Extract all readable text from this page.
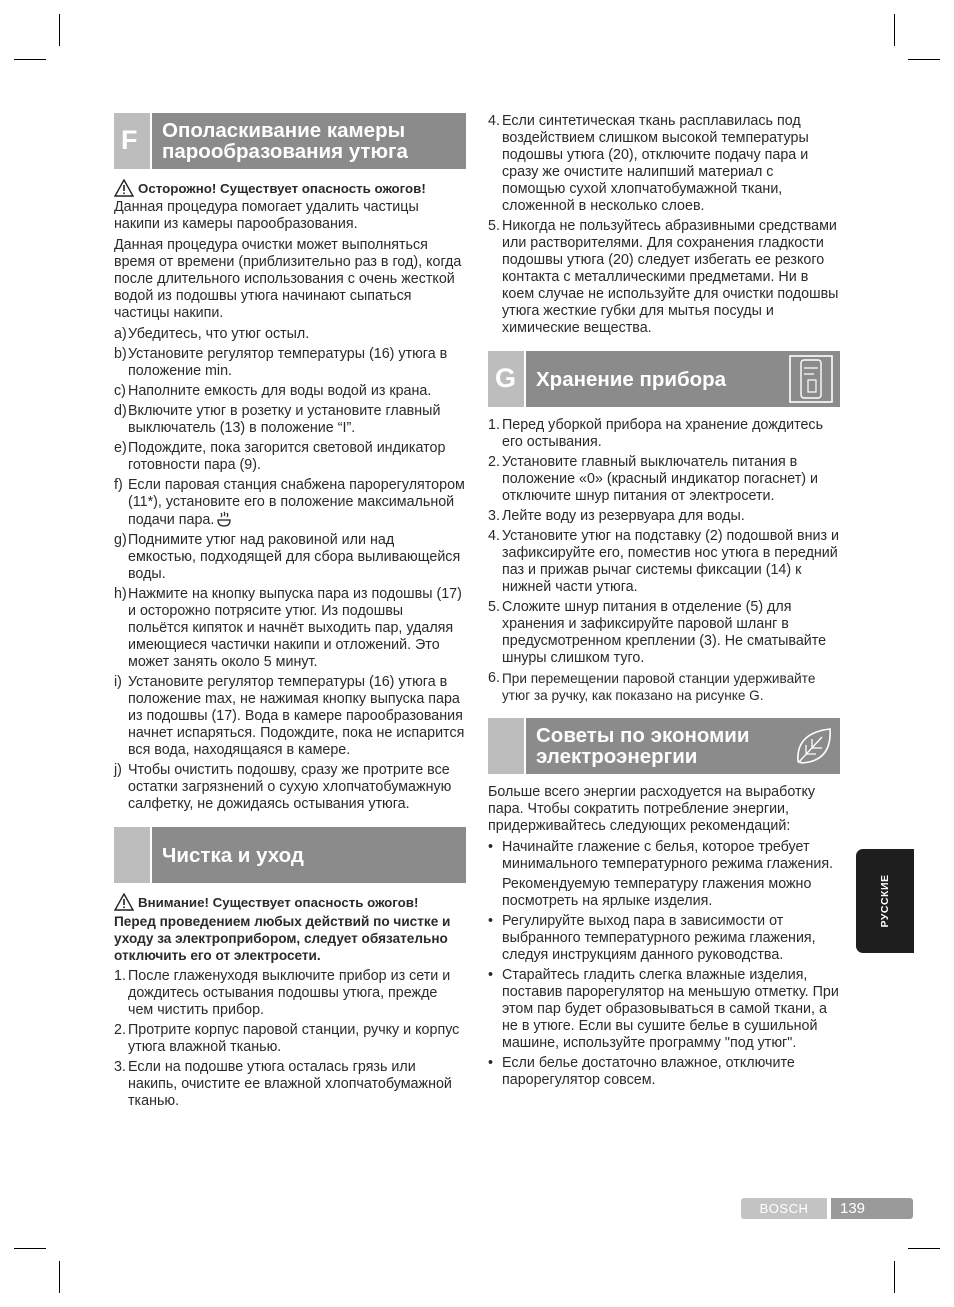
F Ополаскивание камеры парообразования утюга
Осторожно! Существует опасность ожогов!

Данная процедура помогает удалить частицы накипи из камеры парообразования.

Данная процедура очистки может выполняться время от времени (приблизительно раз в год), когда после длительного использования с очень жесткой водой из подошвы утюга начинают сыпаться частицы накипи.

a) Убедитесь, что утюг остыл.
b) Установите регулятор температуры (16) утюга в положение min.
c) Наполните емкость для воды водой из крана.
d) Включите утюг в розетку и установите главный выключатель (13) в положение “I”.
e) Подождите, пока загорится световой индикатор готовности пара (9).
f) Если паровая станция снабжена парорегулятором (11*), установите его в положение максимальной подачи пара.
g) Поднимите утюг над раковиной или над емкостью, подходящей для сбора выливающейся воды.
h) Нажмите на кнопку выпуска пара из подошвы (17) и осторожно потрясите утюг. Из подошвы польётся кипяток и начнёт выходить пар, удаляя имеющиеся частички накипи и отложений. Это может занять около 5 минут.
i) Установите регулятор температуры (16) утюга в положение max, не нажимая кнопку выпуска пара из подошвы (17). Вода в камере парообразования начнет испаряться. Подождите, пока не испарится вся вода, находящаяся в камере.
j) Чтобы очистить подошву, сразу же протрите все остатки загрязнений о сухую хлопчатобумажную салфетку, не дожидаясь остывания утюга.
Чистка и уход
Внимание! Существует опасность ожогов!

Перед проведением любых действий по чистке и уходу за электроприбором, следует обязательно отключить его от электросети.

1. После глаженуходя выключите прибор из сети и дождитесь остывания подошвы утюга, прежде чем чистить прибор.
2. Протрите корпус паровой станции, ручку и корпус утюга влажной тканью.
3. Если на подошве утюга осталась грязь или накипь, очистите ее влажной хлопчатобумажной тканью.
4. Если синтетическая ткань расплавилась под воздействием слишком высокой температуры подошвы утюга (20), отключите подачу пара и сразу же очистите налипший материал с помощью сухой хлопчатобумажной ткани, сложенной в несколько слоев.
5. Никогда не пользуйтесь абразивными средствами или растворителями. Для сохранения гладкости подошвы утюга (20) следует избегать ее резкого контакта с металлическими предметами. Ни в коем случае не используйте для очистки подошвы утюга жесткие губки для мытья посуды и химические вещества.
G Хранение прибора
1. Перед уборкой прибора на хранение дождитесь его остывания.
2. Установите главный выключатель питания в положение «0» (красный индикатор погаснет) и отключите шнур питания от электросети.
3. Лейте воду из резервуара для воды.
4. Установите утюг на подставку (2) подошвой вниз и зафиксируйте его, поместив нос утюга в передний паз и прижав рычаг системы фиксации (14) к нижней части утюга.
5. Сложите шнур питания в отделение (5) для хранения и зафиксируйте паровой шланг в предусмотренном креплении (3). Не сматывайте шнуры слишком туго.
6. При перемещении паровой станции удерживайте утюг за ручку, как показано на рисунке G.
Советы по экономии электроэнергии

Больше всего энергии расходуется на выработку пара. Чтобы сократить потребление энергии, придерживайтесь следующих рекомендаций:

• Начинайте глажение с белья, которое требует минимального температурного режима глажения.
Рекомендуемую температуру глажения можно посмотреть на ярлыке изделия.
• Регулируйте выход пара в зависимости от выбранного температурного режима глажения, следуя инструкциям данного руководства.
• Старайтесь гладить слегка влажные изделия, поставив парорегулятор на меньшую отметку. При этом пар будет образовываться в самой ткани, а не в утюге. Если вы сушите белье в сушильной машине, используйте программу "под утюг".
• Если белье достаточно влажное, отключите парорегулятор совсем.
РУССКИЕ
BOSCH	139
